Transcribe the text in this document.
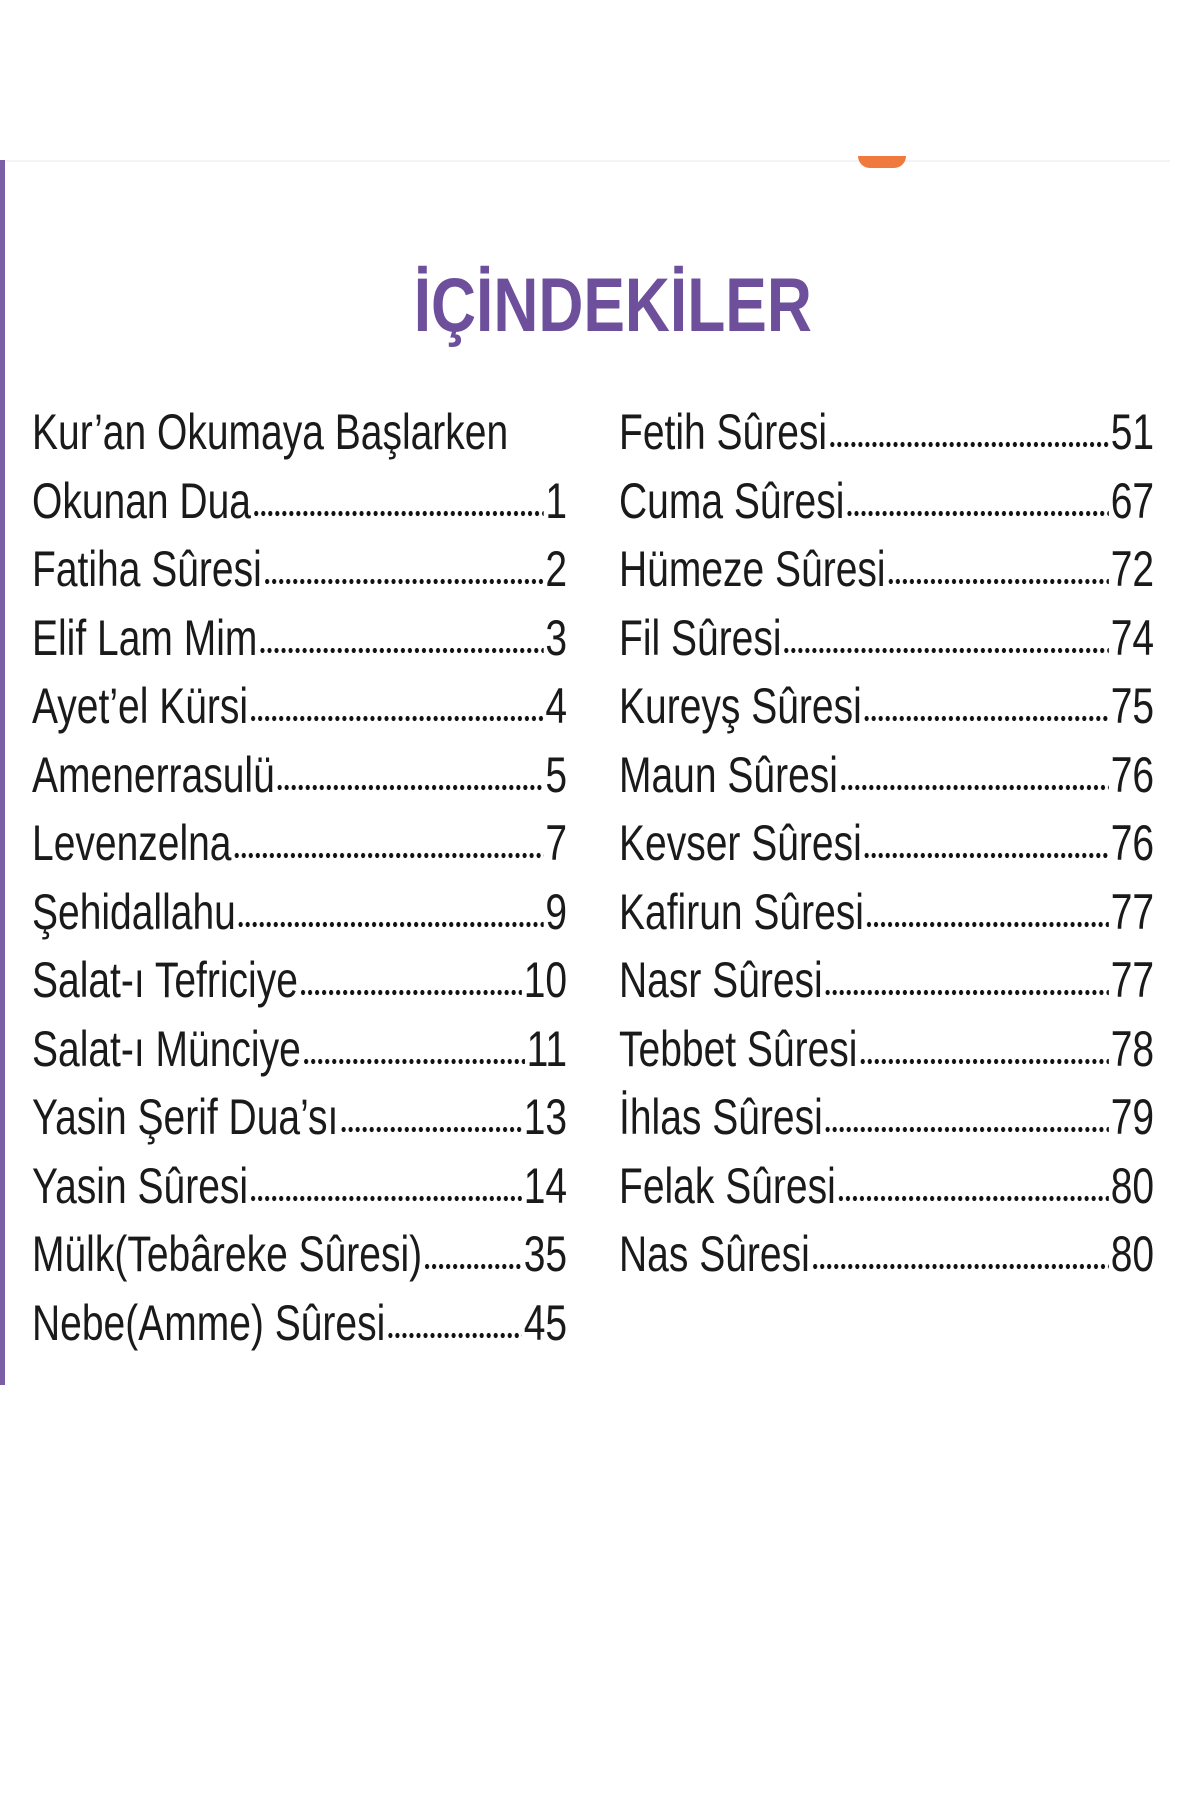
İÇİNDEKİLER
Kur’an Okumaya Başlarken
Okunan Dua	1
Fatiha Sûresi	2
Elif Lam Mim	3
Ayet’el Kürsi	4
Amenerrasulü	5
Levenzelna	7
Şehidallahu	9
Salat-ı Tefriciye	10
Salat-ı Münciye	11
Yasin Şerif Dua’sı	13
Yasin Sûresi	14
Mülk(Tebâreke Sûresi) 35
Nebe(Amme) Sûresi	45
Fetih Sûresi	51
Cuma Sûresi	67
Hümeze Sûresi	72
Fil Sûresi	74
Kureyş Sûresi	75
Maun Sûresi	76
Kevser Sûresi	76
Kafirun Sûresi	77
Nasr Sûresi	77
Tebbet Sûresi	78
İhlas Sûresi	79
Felak Sûresi	80
Nas Sûresi	80
